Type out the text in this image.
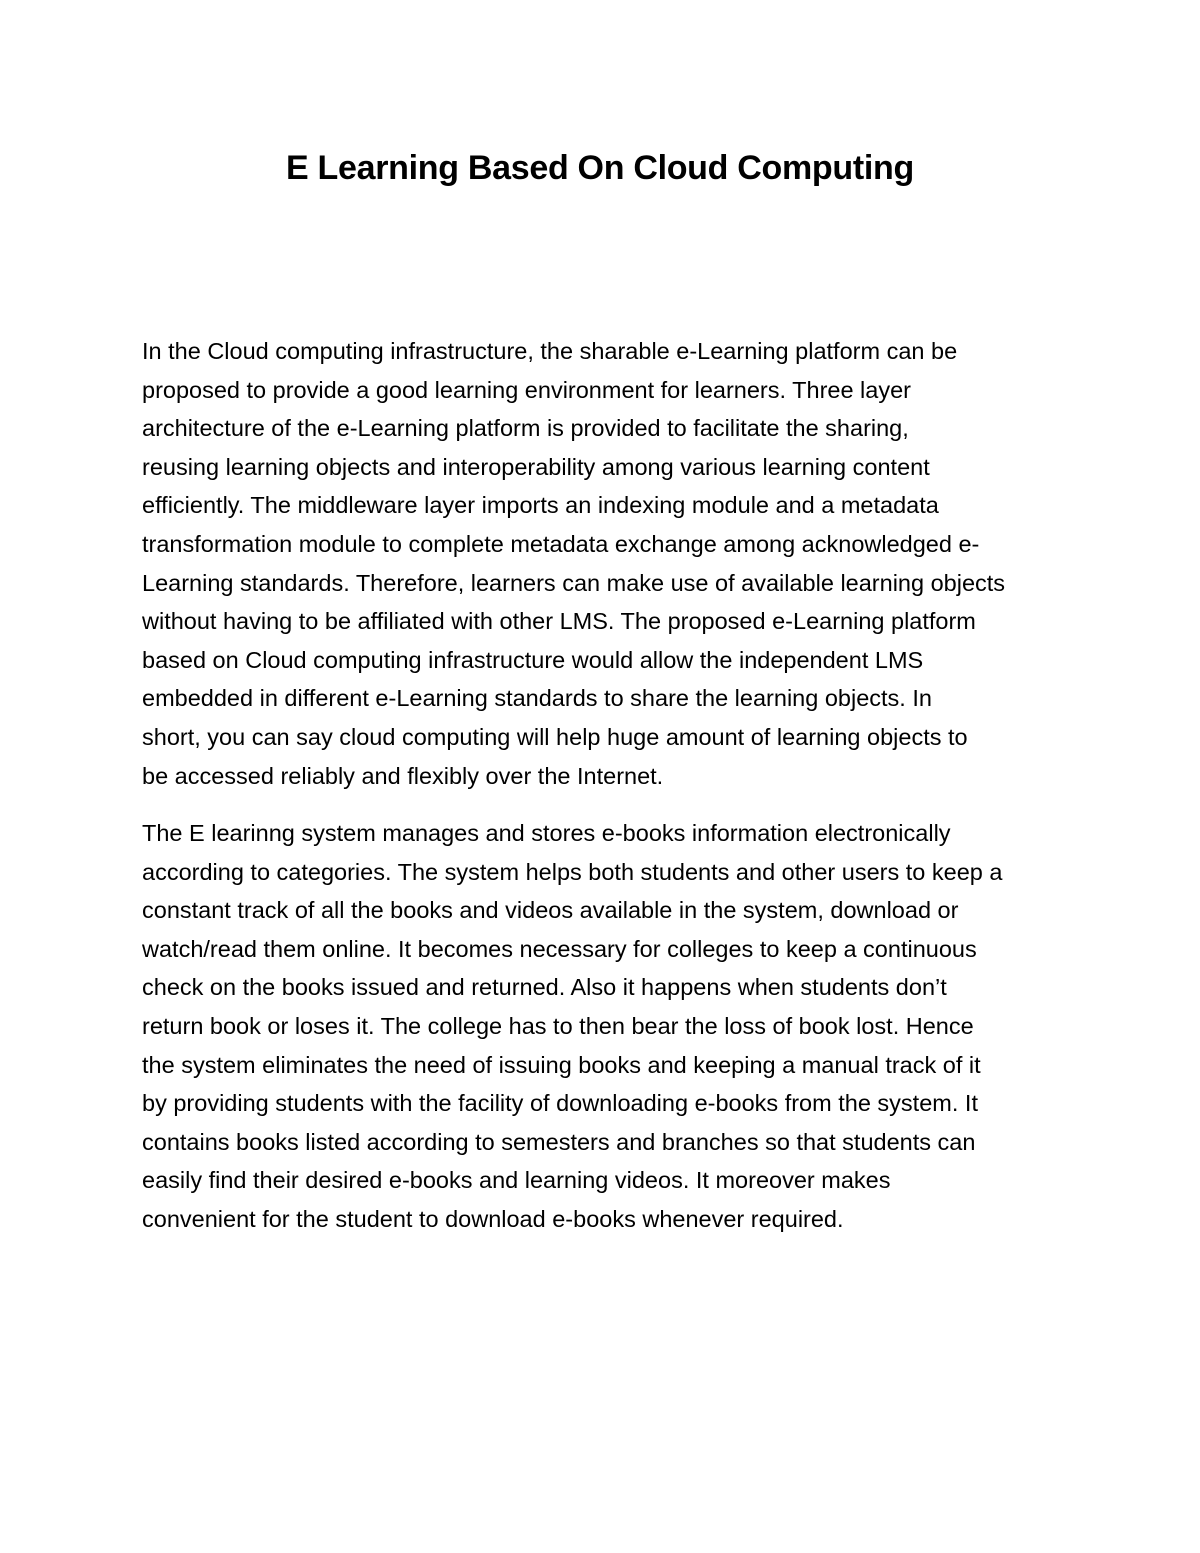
E Learning Based On Cloud Computing
In the Cloud computing infrastructure, the sharable e-Learning platform can be
proposed to provide a good learning environment for learners. Three layer
architecture of the e-Learning platform is provided to facilitate the sharing,
reusing learning objects and interoperability among various learning content
efficiently. The middleware layer imports an indexing module and a metadata
transformation module to complete metadata exchange among acknowledged e-
Learning standards. Therefore, learners can make use of available learning objects
without having to be affiliated with other LMS. The proposed e-Learning platform
based on Cloud computing infrastructure would allow the independent LMS
embedded in different e-Learning standards to share the learning objects. In
short, you can say cloud computing will help huge amount of learning objects to
be accessed reliably and flexibly over the Internet.
The E learinng system manages and stores e-books information electronically
according to categories. The system helps both students and other users to keep a
constant track of all the books and videos available in the system, download or
watch/read them online. It becomes necessary for colleges to keep a continuous
check on the books issued and returned. Also it happens when students don’t
return book or loses it. The college has to then bear the loss of book lost. Hence
the system eliminates the need of issuing books and keeping a manual track of it
by providing students with the facility of downloading e-books from the system. It
contains books listed according to semesters and branches so that students can
easily find their desired e-books and learning videos. It moreover makes
convenient for the student to download e-books whenever required.
